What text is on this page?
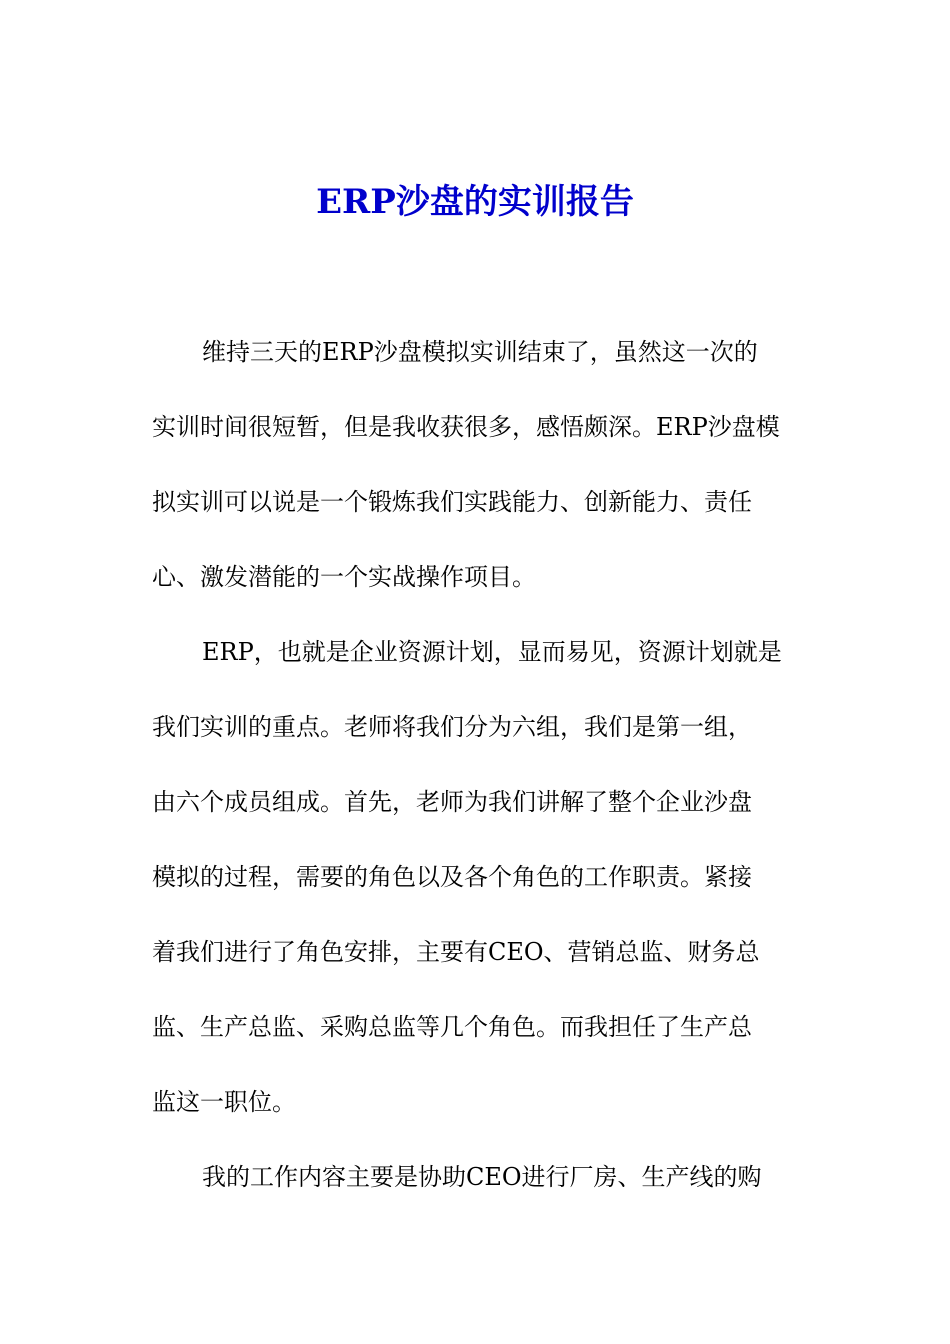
ERP沙盘的实训报告
维持三天的ERP沙盘模拟实训结束了，虽然这一次的
实训时间很短暂，但是我收获很多，感悟颇深。ERP沙盘模
拟实训可以说是一个锻炼我们实践能力、创新能力、责任
心、激发潜能的一个实战操作项目。
ERP，也就是企业资源计划，显而易见，资源计划就是
我们实训的重点。老师将我们分为六组，我们是第一组，
由六个成员组成。首先，老师为我们讲解了整个企业沙盘
模拟的过程，需要的角色以及各个角色的工作职责。紧接
着我们进行了角色安排，主要有CEO、营销总监、财务总
监、生产总监、采购总监等几个角色。而我担任了生产总
监这一职位。
我的工作内容主要是协助CEO进行厂房、生产线的购
